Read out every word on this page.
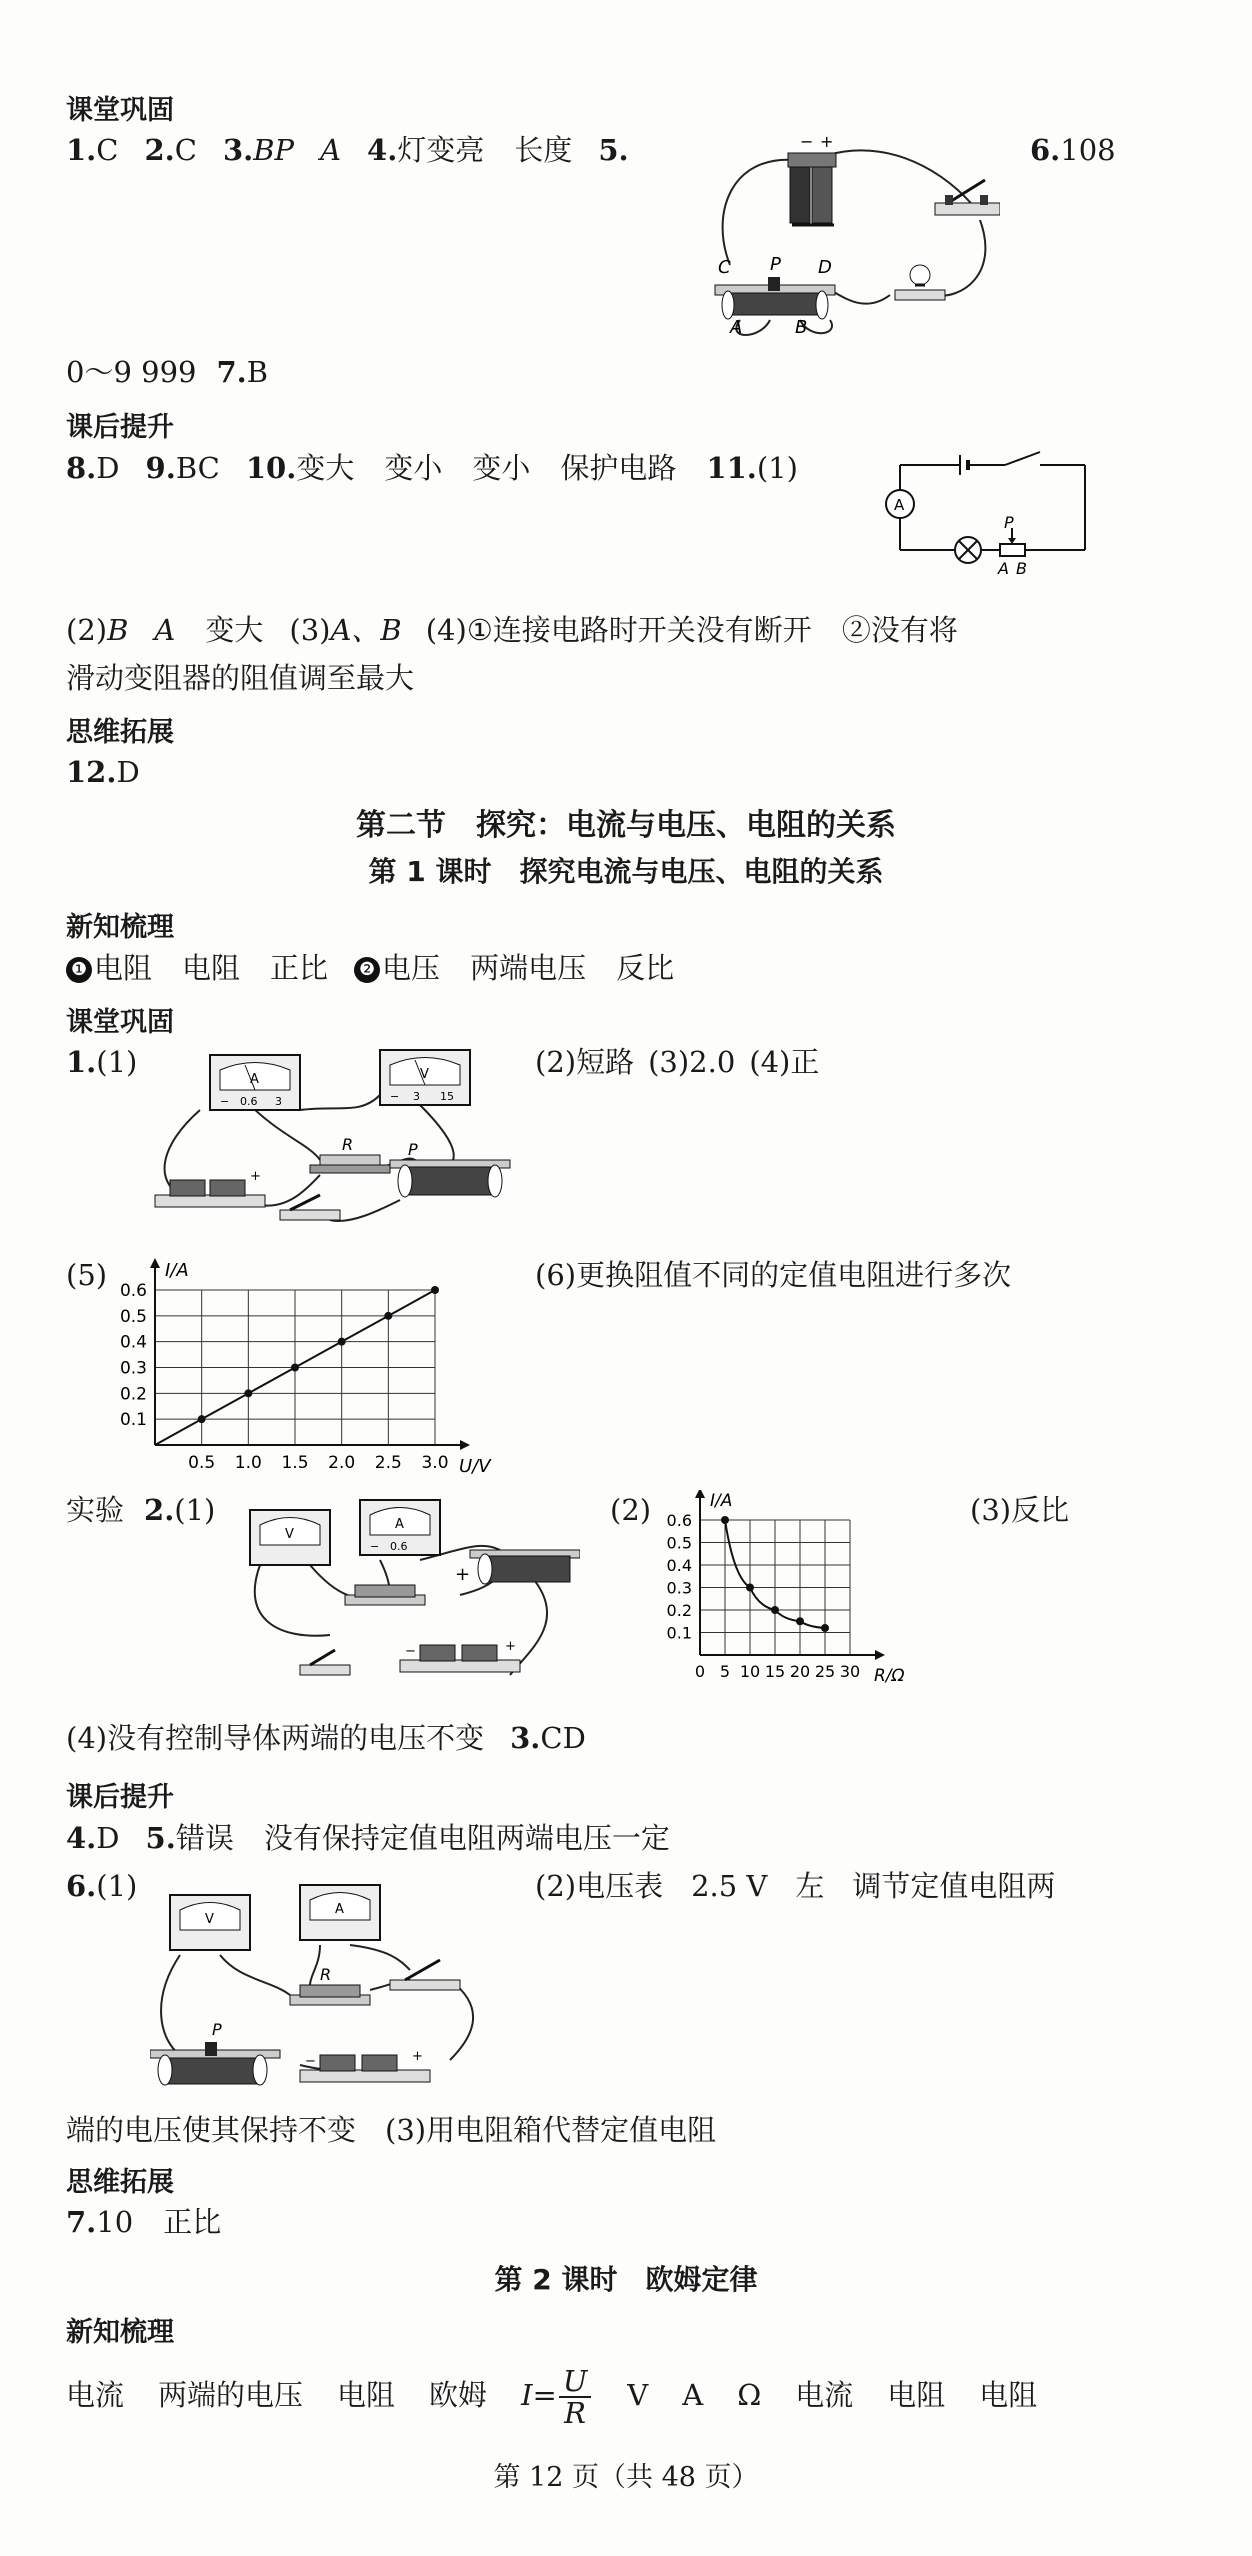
课堂巩固
1.C 2.C 3.BP A 4.灯变亮 长度 5.	6.108
− +
C P D
A	B
0～9 999 7.B
课后提升
8.D 9.BC 10.变大 变小 变小 保护电路 11.(1)
A
P
A B
(2)B A 变大 (3)A、B (4)①连接电路时开关没有断开 ②没有将
滑动变阻器的阻值调至最大
思维拓展
12.D
第二节　探究：电流与电压、电阻的关系
第 1 课时　探究电流与电压、电阻的关系
新知梳理
❶ 电阻 电阻 正比 ❷ 电压 两端电压 反比
课堂巩固
1.(1)	(2)短路 (3)2.0 (4)正
A
− 0.6 3
V
− 3 15
R	P
+
(5)	(6)更换阻值不同的定值电阻进行多次
0.1
0.2
0.3
0.4
0.5
0.6
0.5 1.0 1.5 2.0 2.5 3.0
I/A
U/V
实验 2.(1)	(2)	(3)反比
V
A
− 0.6
−	+
+
0.1
0.2
0.3
0.4
0.5
0.6
0 5 10 15 20 25 30
I/A
R/Ω
(4)没有控制导体两端的电压不变 3.CD
课后提升
4.D 5.错误 没有保持定值电阻两端电压一定
6.(1)	(2)电压表 2.5 V 左 调节定值电阻两
V
A
R
P
−	+
端的电压使其保持不变　(3)用电阻箱代替定值电阻
思维拓展
7.10 正比
第 2 课时　欧姆定律
新知梳理
电流 两端的电压 电阻 欧姆 $I= \frac{U}{R}$ V A Ω 电流 电阻 电阻
第 12 页（共 48 页）
